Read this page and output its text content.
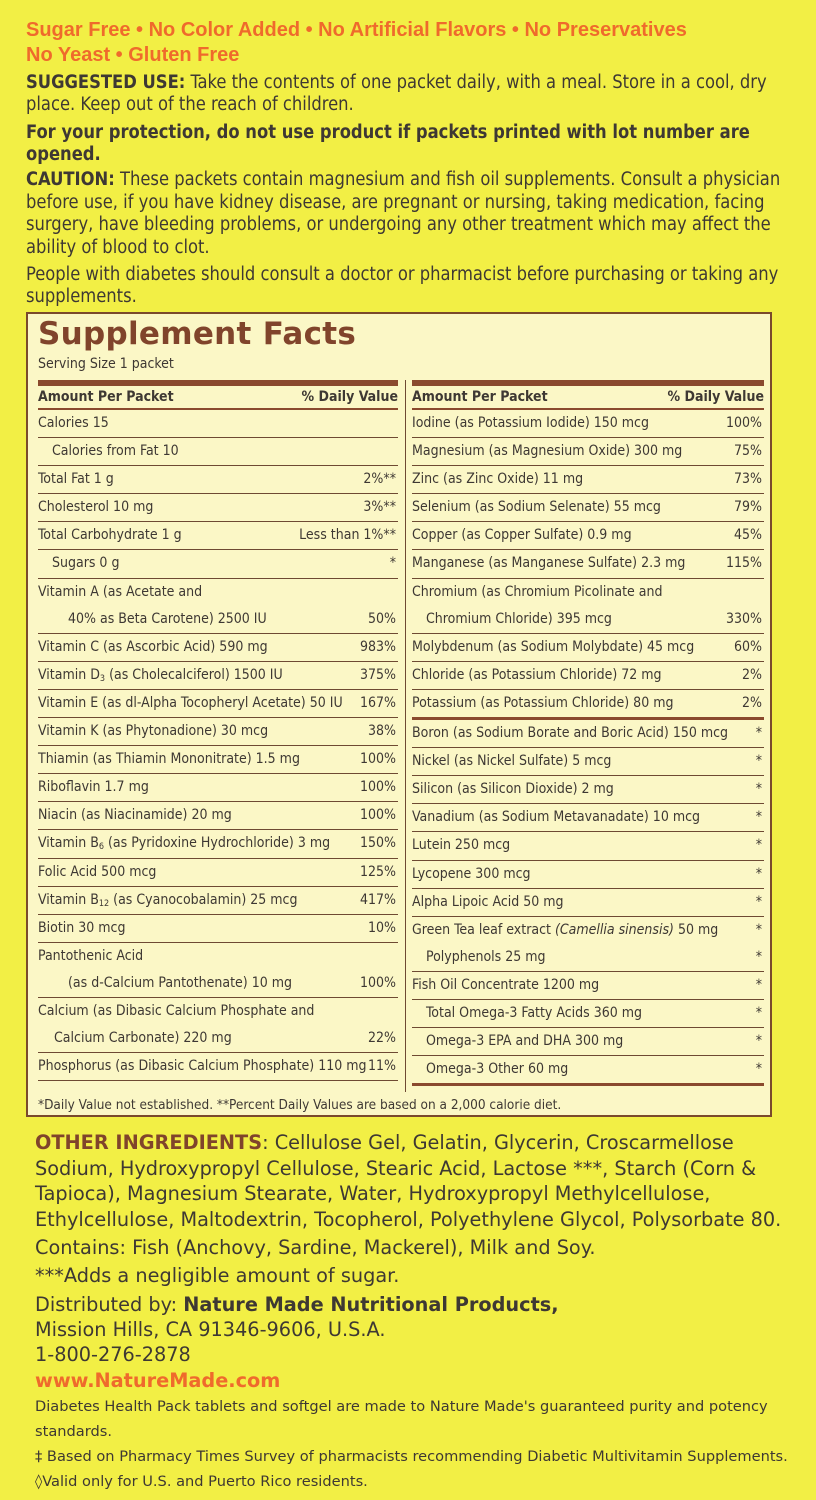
Sugar Free • No Color Added • No Artificial Flavors • No Preservatives
No Yeast • Gluten Free
SUGGESTED USE: Take the contents of one packet daily, with a meal. Store in a cool, dry place. Keep out of the reach of children.
For your protection, do not use product if packets printed with lot number are opened.
CAUTION: These packets contain magnesium and fish oil supplements. Consult a physician before use, if you have kidney disease, are pregnant or nursing, taking medication, facing surgery, have bleeding problems, or undergoing any other treatment which may affect the ability of blood to clot.
People with diabetes should consult a doctor or pharmacist before purchasing or taking any supplements.
Supplement Facts
Serving Size 1 packet
Amount Per Packet	% Daily Value
Calories 15
Calories from Fat 10
Total Fat 1 g	2%**
Cholesterol 10 mg	3%**
Total Carbohydrate 1 g	Less than 1%**
Sugars 0 g	*
Vitamin A (as Acetate and
40% as Beta Carotene) 2500 IU	50%
Vitamin C (as Ascorbic Acid) 590 mg	983%
Vitamin $D_3$ (as Cholecalciferol) 1500 IU	375%
Vitamin E (as dl-Alpha Tocopheryl Acetate) 50 IU 167%
Vitamin K (as Phytonadione) 30 mcg	38%
Thiamin (as Thiamin Mononitrate) 1.5 mg	100%
Riboflavin 1.7 mg	100%
Niacin (as Niacinamide) 20 mg	100%
Vitamin $B_6$ (as Pyridoxine Hydrochloride) 3 mg 150%
Folic Acid 500 mcg	125%
Vitamin $B_{12}$ (as Cyanocobalamin) 25 mcg	417%
Biotin 30 mcg	10%
Pantothenic Acid
(as d-Calcium Pantothenate) 10 mg	100%
Calcium (as Dibasic Calcium Phosphate and
Calcium Carbonate) 220 mg	22%
Phosphorus (as Dibasic Calcium Phosphate) 110 mg 11%
Amount Per Packet	% Daily Value
Iodine (as Potassium Iodide) 150 mcg	100%
Magnesium (as Magnesium Oxide) 300 mg	75%
Zinc (as Zinc Oxide) 11 mg	73%
Selenium (as Sodium Selenate) 55 mcg	79%
Copper (as Copper Sulfate) 0.9 mg	45%
Manganese (as Manganese Sulfate) 2.3 mg	115%
Chromium (as Chromium Picolinate and
Chromium Chloride) 395 mcg	330%
Molybdenum (as Sodium Molybdate) 45 mcg	60%
Chloride (as Potassium Chloride) 72 mg	2%
Potassium (as Potassium Chloride) 80 mg	2%
Boron (as Sodium Borate and Boric Acid) 150 mcg *
Nickel (as Nickel Sulfate) 5 mcg	*
Silicon (as Silicon Dioxide) 2 mg	*
Vanadium (as Sodium Metavanadate) 10 mcg	*
Lutein 250 mcg	*
Lycopene 300 mcg	*
Alpha Lipoic Acid 50 mg	*
Green Tea leaf extract (Camellia sinensis) 50 mg	*
Polyphenols 25 mg	*
Fish Oil Concentrate 1200 mg	*
Total Omega-3 Fatty Acids 360 mg	*
Omega-3 EPA and DHA 300 mg	*
Omega-3 Other 60 mg	*
*Daily Value not established. **Percent Daily Values are based on a 2,000 calorie diet.
OTHER INGREDIENTS: Cellulose Gel, Gelatin, Glycerin, Croscarmellose Sodium, Hydroxypropyl Cellulose, Stearic Acid, Lactose ***, Starch (Corn & Tapioca), Magnesium Stearate, Water, Hydroxypropyl Methylcellulose, Ethylcellulose, Maltodextrin, Tocopherol, Polyethylene Glycol, Polysorbate 80.
Contains: Fish (Anchovy, Sardine, Mackerel), Milk and Soy.
***Adds a negligible amount of sugar.
Distributed by: Nature Made Nutritional Products,
Mission Hills, CA 91346-9606, U.S.A.
1-800-276-2878
www.NatureMade.com
Diabetes Health Pack tablets and softgel are made to Nature Made's guaranteed purity and potency standards.
‡ Based on Pharmacy Times Survey of pharmacists recommending Diabetic Multivitamin Supplements.
◊Valid only for U.S. and Puerto Rico residents.
